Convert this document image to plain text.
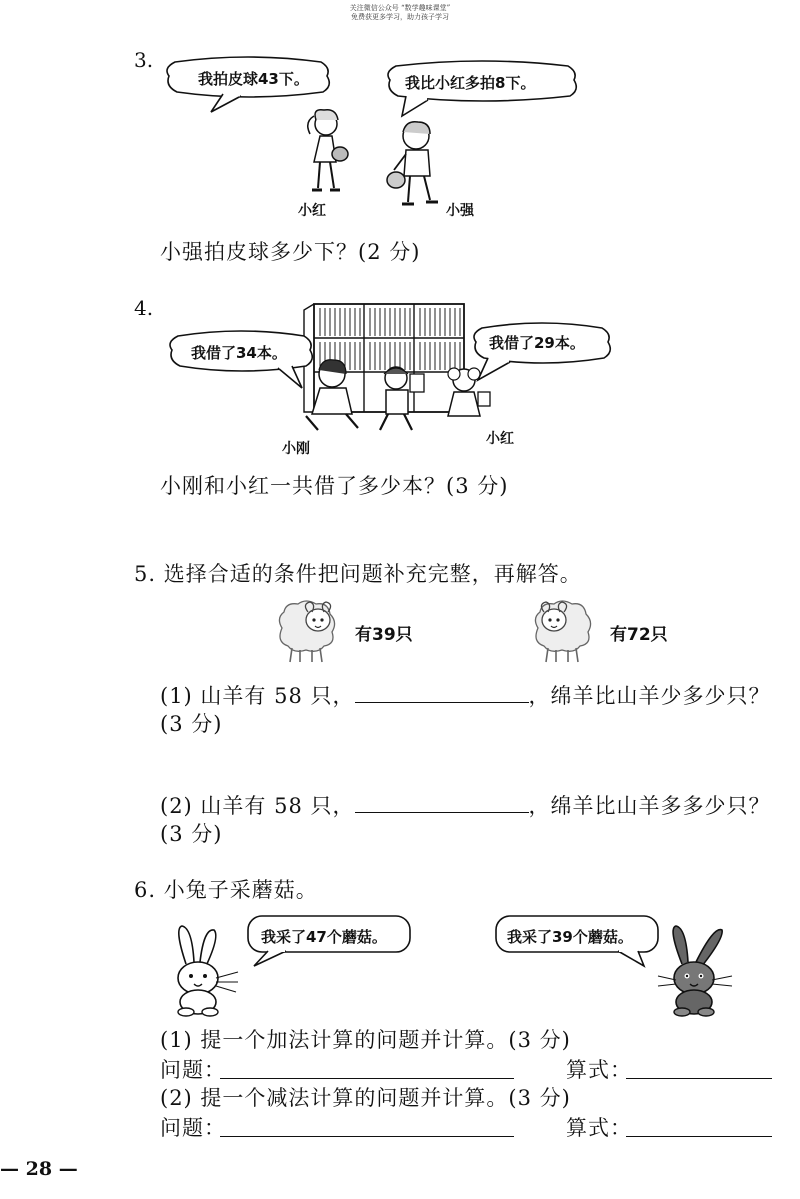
关注微信公众号 “数学趣味课堂”
免费获更多学习，助力孩子学习
3.
我拍皮球43下。	我比小红多拍8下。
小红	小强
小强拍皮球多少下？(2 分)
4.
我借了34本。
我借了29本。
小刚
小红
小刚和小红一共借了多少本？(3 分)
5. 选择合适的条件把问题补充完整，再解答。
有39只	有72只
(1) 山羊有 58 只，	，绵羊比山羊少多少只？
(3 分)
(2) 山羊有 58 只，	，绵羊比山羊多多少只？
(3 分)
6. 小兔子采蘑菇。
我采了47个蘑菇。	我采了39个蘑菇。
(1) 提一个加法计算的问题并计算。(3 分)
问题：	算式：
(2) 提一个减法计算的问题并计算。(3 分)
问题：	算式：
— 28 —
